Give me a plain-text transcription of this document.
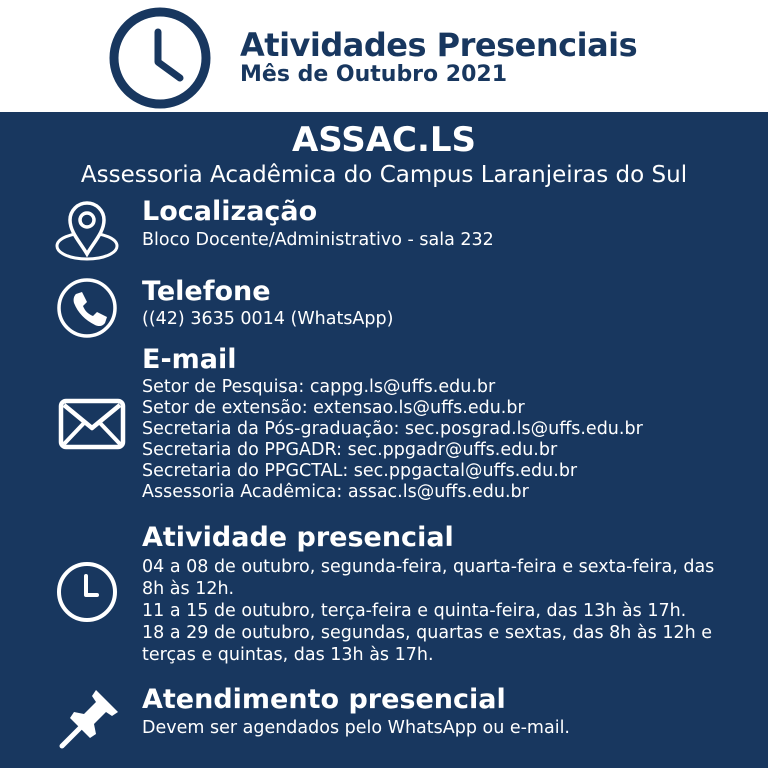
Atividades Presenciais
Mês de Outubro 2021
ASSAC.LS
Assessoria Acadêmica do Campus Laranjeiras do Sul
Localização
Bloco Docente/Administrativo - sala 232
Telefone
((42) 3635 0014 (WhatsApp)
E-mail
Setor de Pesquisa: cappg.ls@uffs.edu.br
Setor de extensão: extensao.ls@uffs.edu.br
Secretaria da Pós-graduação: sec.posgrad.ls@uffs.edu.br
Secretaria do PPGADR: sec.ppgadr@uffs.edu.br
Secretaria do PPGCTAL: sec.ppgactal@uffs.edu.br
Assessoria Acadêmica: assac.ls@uffs.edu.br
Atividade presencial
04 a 08 de outubro, segunda-feira, quarta-feira e sexta-feira, das 8h às 12h.
11 a 15 de outubro, terça-feira e quinta-feira, das 13h às 17h.
18 a 29 de outubro, segundas, quartas e sextas, das 8h às 12h e terças e quintas, das 13h às 17h.
Atendimento presencial
Devem ser agendados pelo WhatsApp ou e-mail.
